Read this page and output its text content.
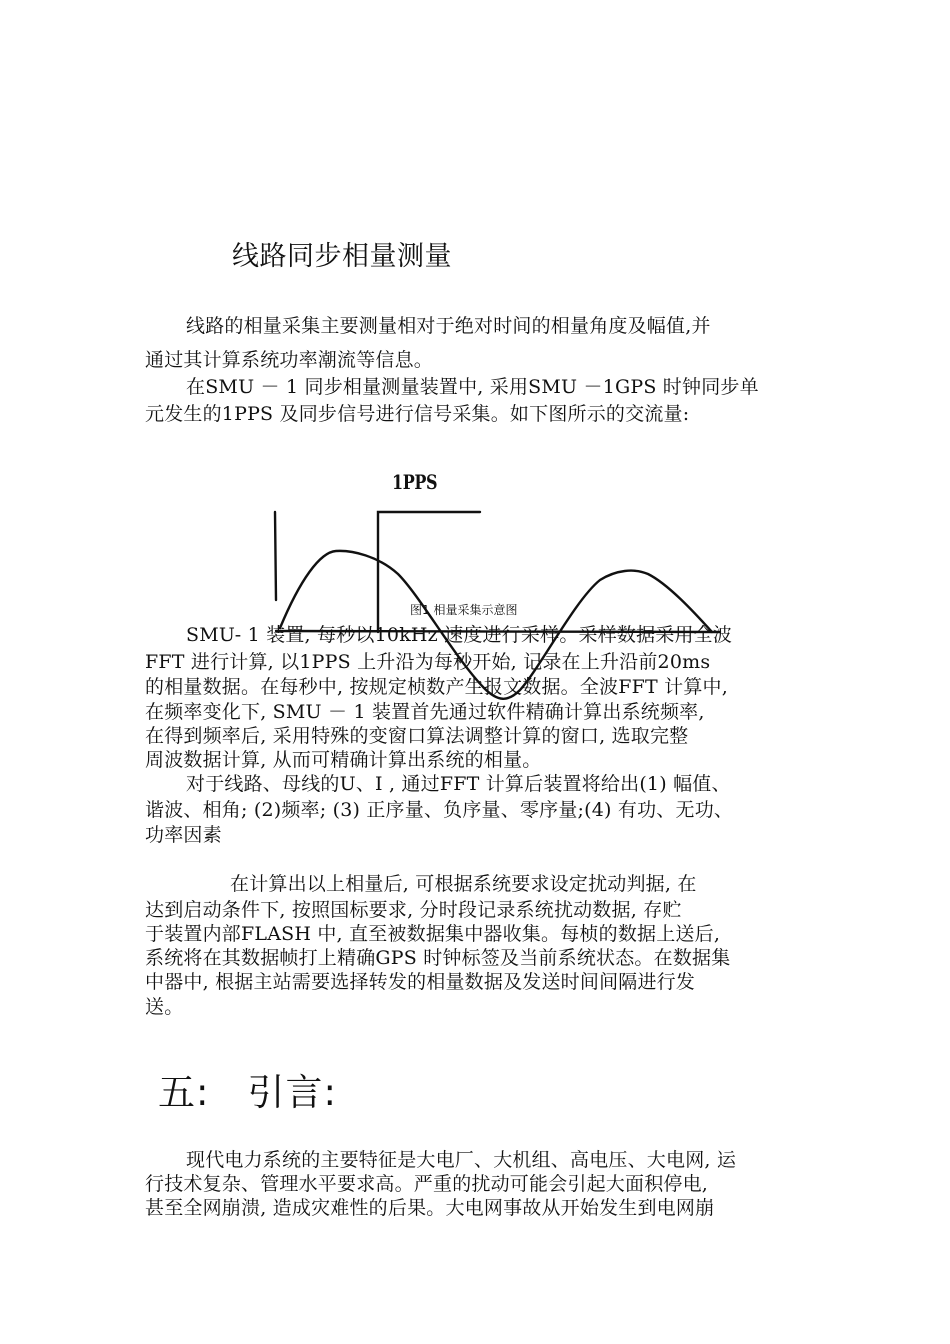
线路同步相量测量
线路的相量采集主要测量相对于绝对时间的相量角度及幅值,并
通过其计算系统功率潮流等信息。
在SMU － 1 同步相量测量装置中, 采用SMU －1GPS 时钟同步单
元发生的1PPS 及同步信号进行信号采集。如下图所示的交流量:
1PPS
图1 相量采集示意图
SMU- 1 装置, 每秒以10kHz 速度进行采样。采样数据采用全波
FFT 进行计算, 以1PPS 上升沿为每秒开始, 记录在上升沿前20ms
的相量数据。在每秒中, 按规定桢数产生报文数据。全波FFT 计算中,
在频率变化下, SMU － 1 装置首先通过软件精确计算出系统频率,
在得到频率后, 采用特殊的变窗口算法调整计算的窗口, 选取完整
周波数据计算, 从而可精确计算出系统的相量。
对于线路、母线的U、I , 通过FFT 计算后装置将给出(1) 幅值、
谐波、相角; (2)频率; (3) 正序量、负序量、零序量;(4) 有功、无功、
功率因素
在计算出以上相量后, 可根据系统要求设定扰动判据, 在
达到启动条件下, 按照国标要求, 分时段记录系统扰动数据, 存贮
于装置内部FLASH 中, 直至被数据集中器收集。每桢的数据上送后,
系统将在其数据帧打上精确GPS 时钟标签及当前系统状态。在数据集
中器中, 根据主站需要选择转发的相量数据及发送时间间隔进行发
送。
五: 引言:
现代电力系统的主要特征是大电厂、大机组、高电压、大电网, 运
行技术复杂、管理水平要求高。严重的扰动可能会引起大面积停电,
甚至全网崩溃, 造成灾难性的后果。大电网事故从开始发生到电网崩
